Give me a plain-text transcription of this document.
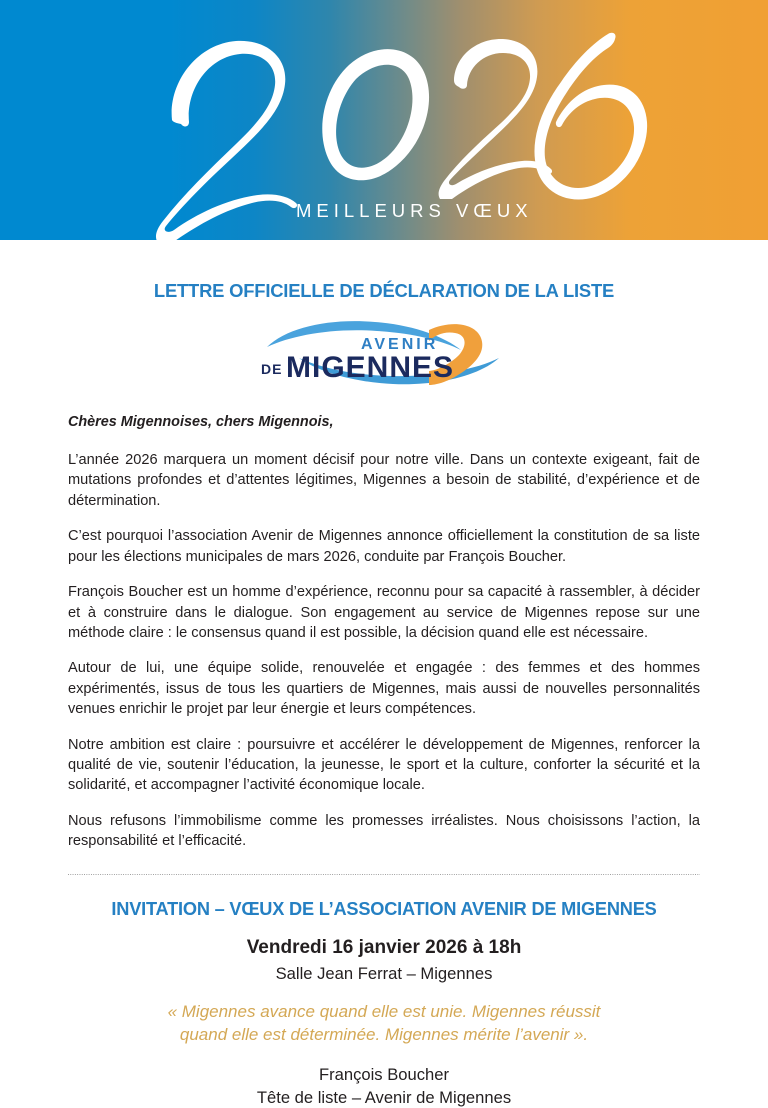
MEILLEURS VŒUX
LETTRE OFFICIELLE DE DÉCLARATION DE LA LISTE
AVENIR
DE MIGENNES
Chères Migennoises, chers Migennois,

L’année 2026 marquera un moment décisif pour notre ville. Dans un contexte exigeant, fait de mutations profondes et d’attentes légitimes, Migennes a besoin de stabilité, d’expérience et de détermination.

C’est pourquoi l’association Avenir de Migennes annonce officiellement la constitution de sa liste pour les élections municipales de mars 2026, conduite par François Boucher.

François Boucher est un homme d’expérience, reconnu pour sa capacité à rassembler, à décider et à construire dans le dialogue. Son engagement au service de Migennes repose sur une méthode claire : le consensus quand il est possible, la décision quand elle est nécessaire.

Autour de lui, une équipe solide, renouvelée et engagée : des femmes et des hommes expérimentés, issus de tous les quartiers de Migennes, mais aussi de nouvelles personnalités venues enrichir le projet par leur énergie et leurs compétences.

Notre ambition est claire : poursuivre et accélérer le développement de Migennes, renforcer la qualité de vie, soutenir l’éducation, la jeunesse, le sport et la culture, conforter la sécurité et la solidarité, et accompagner l’activité économique locale.

Nous refusons l’immobilisme comme les promesses irréalistes. Nous choisissons l’action, la responsabilité et l’efficacité.

INVITATION – VŒUX DE L’ASSOCIATION AVENIR DE MIGENNES
Vendredi 16 janvier 2026 à 18h
Salle Jean Ferrat – Migennes
« Migennes avance quand elle est unie. Migennes réussit
quand elle est déterminée. Migennes mérite l’avenir ».
François Boucher
Tête de liste – Avenir de Migennes
